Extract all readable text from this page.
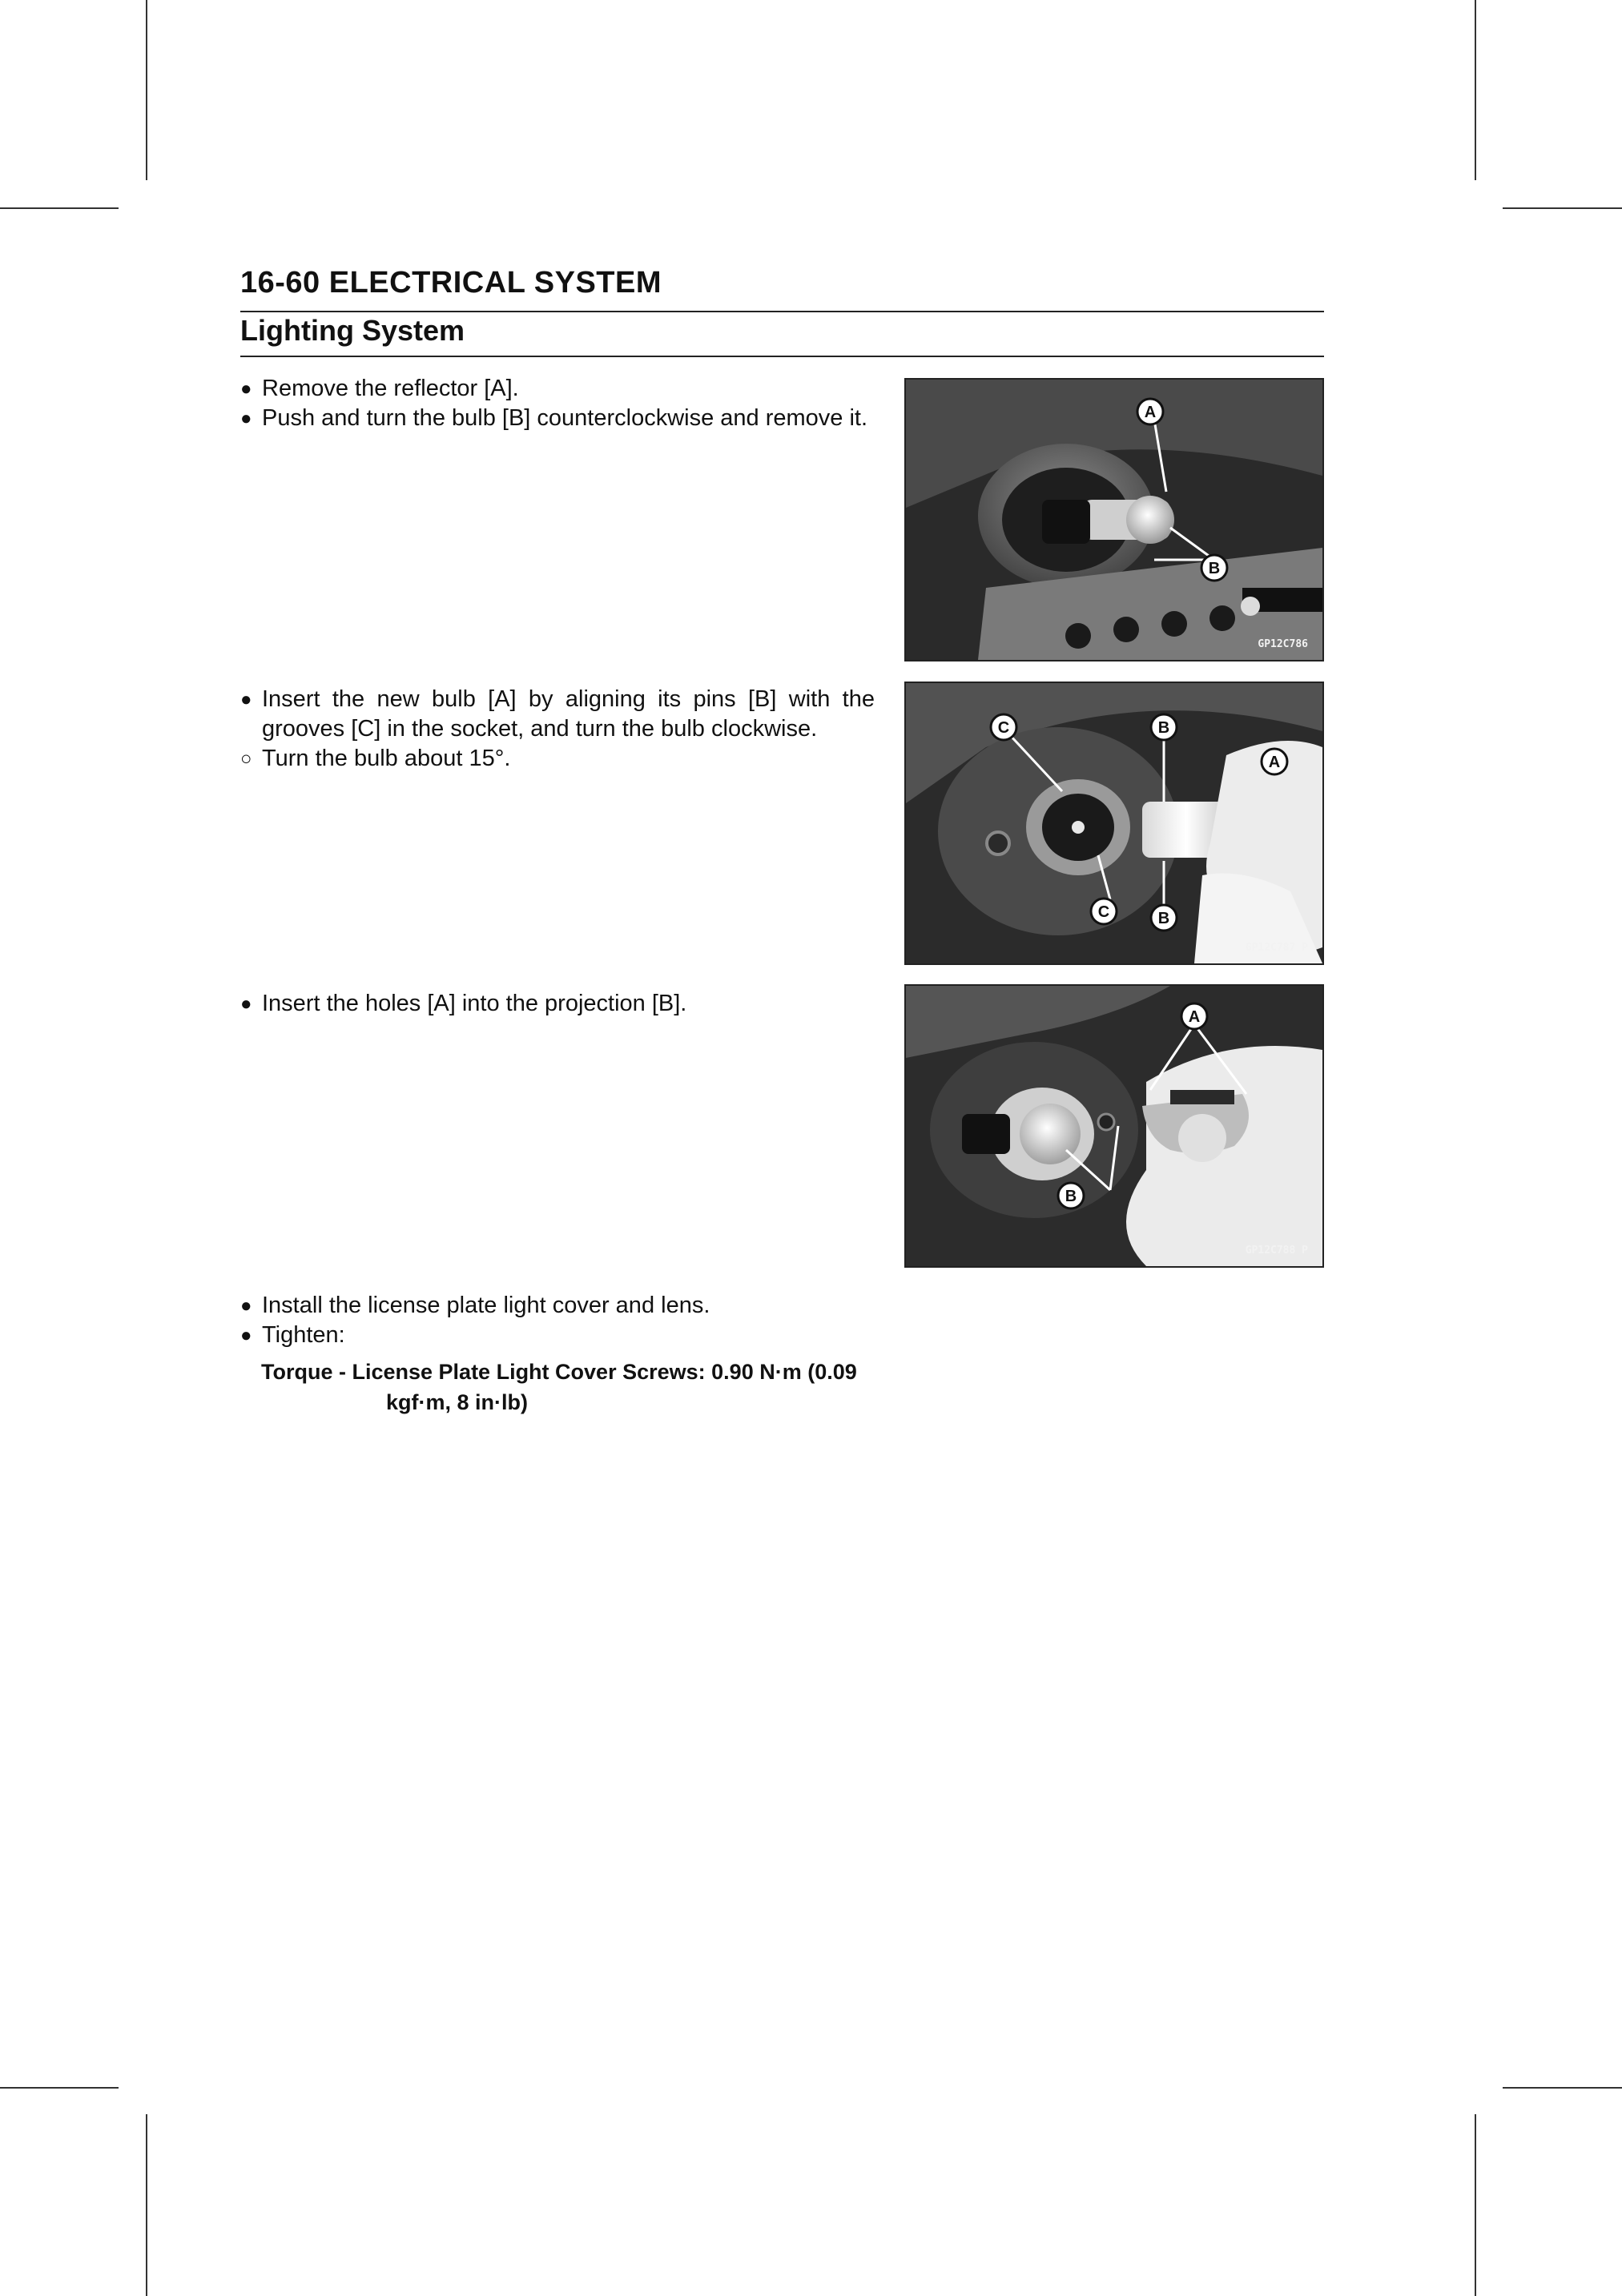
16-60 ELECTRICAL SYSTEM
Lighting System

● Remove the reflector [A].

● Push and turn the bulb [B] counterclockwise and remove it.

● Insert the new bulb [A] by aligning its pins [B] with the grooves [C] in the socket, and turn the bulb clockwise.

○ Turn the bulb about 15°.

● Insert the holes [A] into the projection [B].

● Install the license plate light cover and lens.

● Tighten:

Torque - License Plate Light Cover Screws: 0.90 N·m (0.09
kgf·m, 8 in·lb)
A
B
GP12C786
C	B
A
C	B
GP12C787 P
A
B
GP12C788 P
